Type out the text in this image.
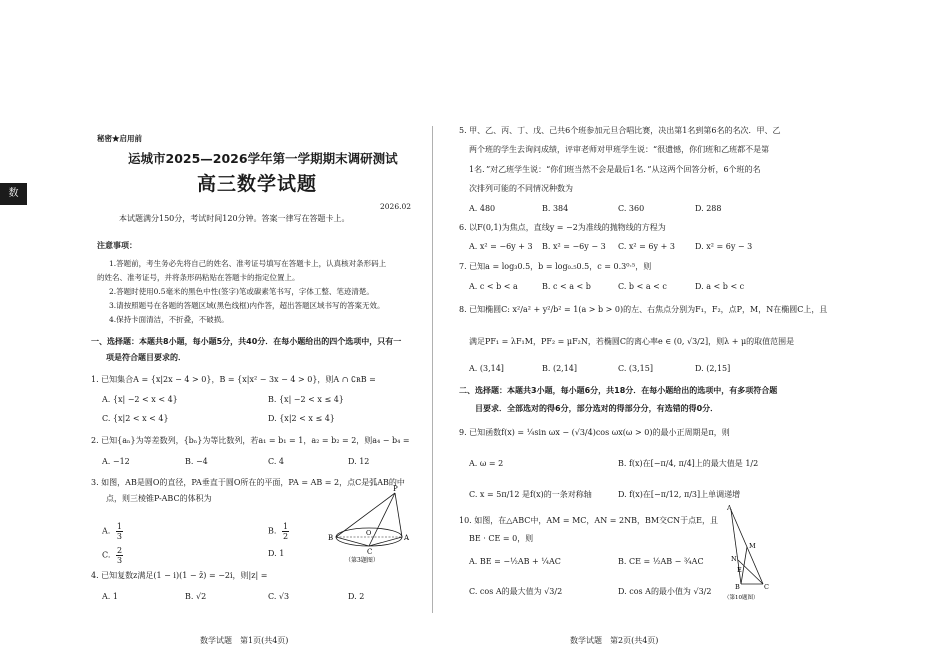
数
秘密★启用前
运城市2025—2026学年第一学期期末调研测试
高三数学试题
2026.02
本试题满分150分，考试时间120分钟。答案一律写在答题卡上。
注意事项：
1.答题前，考生务必先将自己的姓名、准考证号填写在答题卡上，认真核对条形码上
的姓名、准考证号，并将条形码粘贴在答题卡的指定位置上。
2.答题时使用0.5毫米的黑色中性(签字)笔或碳素笔书写，字体工整、笔迹清楚。
3.请按照题号在各题的答题区域(黑色线框)内作答，超出答题区域书写的答案无效。
4.保持卡面清洁，不折叠，不破损。
一、选择题：本题共8小题，每小题5分，共40分．在每小题给出的四个选项中，只有一
项是符合题目要求的．
1. 已知集合A = {x|2x − 4 > 0}，B = {x|x² − 3x − 4 > 0}，则A ∩ ∁ʀB =
A. {x| −2 < x < 4}	B. {x| −2 < x ≤ 4}
C. {x|2 < x < 4}	D. {x|2 < x ≤ 4}
2. 已知{aₙ}为等差数列，{bₙ}为等比数列，若a₁ = b₁ = 1，a₂ = b₂ = 2，则a₄ − b₄ =
A. −12	B. −4	C. 4	D. 12
3. 如图，AB是圆O的直径，PA垂直于圆O所在的平面，PA = AB = 2，点C是弧AB的中
点，则三棱锥P-ABC的体积为
A. $\frac{1}{3}$	B. $\frac{1}{2}$
C. $\frac{2}{3}$	D. 1
P
A
B
C
O
（第3题图）
4. 已知复数z满足(1 − i)(1 − z̄) = −2i，则|z| =
A. 1	B. √2	C. √3	D. 2
数学试题　第1页(共4页)
5. 甲、乙、丙、丁、戊、己共6个班参加元旦合唱比赛，决出第1名到第6名的名次．甲、乙
两个班的学生去询问成绩，评审老师对甲班学生说：“很遗憾，你们班和乙班都不是第
1名．”对乙班学生说：“你们班当然不会是最后1名．”从这两个回答分析，6个班的名
次排列可能的不同情况种数为
A. 480	B. 384	C. 360	D. 288
6. 以F(0,1)为焦点，直线y = −2为准线的抛物线的方程为
A. x² = −6y + 3 B. x² = −6y − 3 C. x² = 6y + 3	D. x² = 6y − 3
7. 已知a = log₃0.5，b = log₀.₅0.5，c = 0.3⁰·⁵，则
A. c < b < a	B. c < a < b	C. b < a < c	D. a < b < c
8. 已知椭圆C: x²/a² + y²/b² = 1(a > b > 0)的左、右焦点分别为F₁，F₂，点P，M，N在椭圆C上，且
满足PF₁ = λF₁M，PF₂ = μF₂N，若椭圆C的离心率e ∈ (0, √3/2]，则λ + μ的取值范围是
A. (3,14]	B. (2,14]	C. (3,15]	D. (2,15]
二、选择题：本题共3小题，每小题6分，共18分．在每小题给出的选项中，有多项符合题
目要求．全部选对的得6分，部分选对的得部分分，有选错的得0分．
9. 已知函数f(x) = ¼sin ωx − (√3/4)cos ωx(ω > 0)的最小正周期是π，则
A. ω = 2	B. f(x)在[−π/4, π/4]上的最大值是 1/2
C. x = 5π/12 是f(x)的一条对称轴	D. f(x)在[−π/12, π/3]上单调递增
10. 如图，在△ABC中，AM = MC，AN = 2NB，BM交CN于点E，且
BE · CE = 0，则
A. BE = −½AB + ¼AC	B. CE = ½AB − ¾AC
C. cos A的最大值为 √3/2	D. cos A的最小值为 √3/2
A
M
N
E
B	C
（第10题图）
数学试题　第2页(共4页)
